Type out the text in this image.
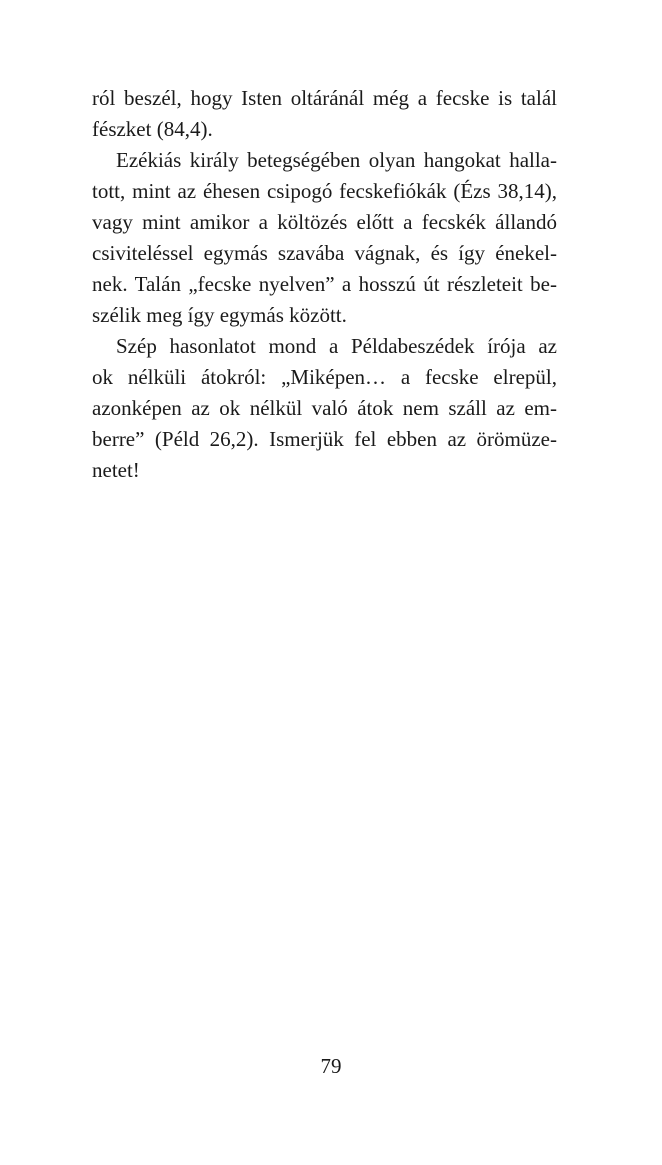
ról beszél, hogy Isten oltáránál még a fecske is talál
fészket (84,4).
Ezékiás király betegségében olyan hangokat halla-
tott, mint az éhesen csipogó fecskefiókák (Ézs 38,14),
vagy mint amikor a költözés előtt a fecskék állandó
csiviteléssel egymás szavába vágnak, és így énekel-
nek. Talán „fecske nyelven” a hosszú út részleteit be-
szélik meg így egymás között.
Szép hasonlatot mond a Példabeszédek írója az
ok nélküli átokról: „Miképen… a fecske elrepül,
azonképen az ok nélkül való átok nem száll az em-
berre” (Péld 26,2). Ismerjük fel ebben az örömüze-
netet!
79
